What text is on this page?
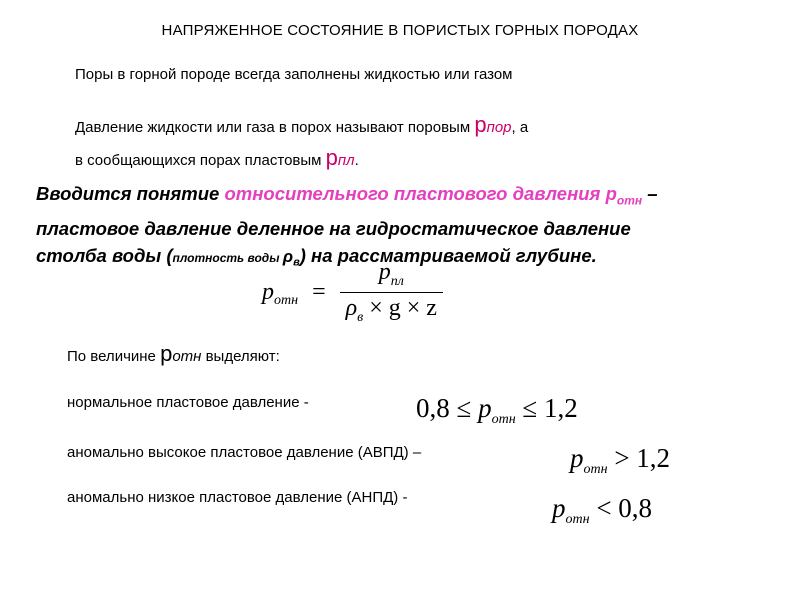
НАПРЯЖЕННОЕ СОСТОЯНИЕ В ПОРИСТЫХ ГОРНЫХ ПОРОДАХ
Поры в горной породе всегда заполнены жидкостью или газом
Давление жидкости или газа в порох называют поровым pпор, а
в сообщающихся порах пластовым pпл.
Вводится понятие относительного пластового давления $p_{отн}$ –
пластовое давление деленное на гидростатическое давление
столба воды (плотность воды $\rho_в$) на рассматриваемой глубине.
$p_{отн} = \frac{p_{пл}}{\rho_в \times g \times z}$
По величине pотн выделяют:
нормальное пластовое давление -	$0,8 \le p_{отн} \le 1,2$
аномально высокое пластовое давление (АВПД) –	$p_{отн} > 1,2$
аномально низкое пластовое давление (АНПД) -	$p_{отн} < 0,8$
